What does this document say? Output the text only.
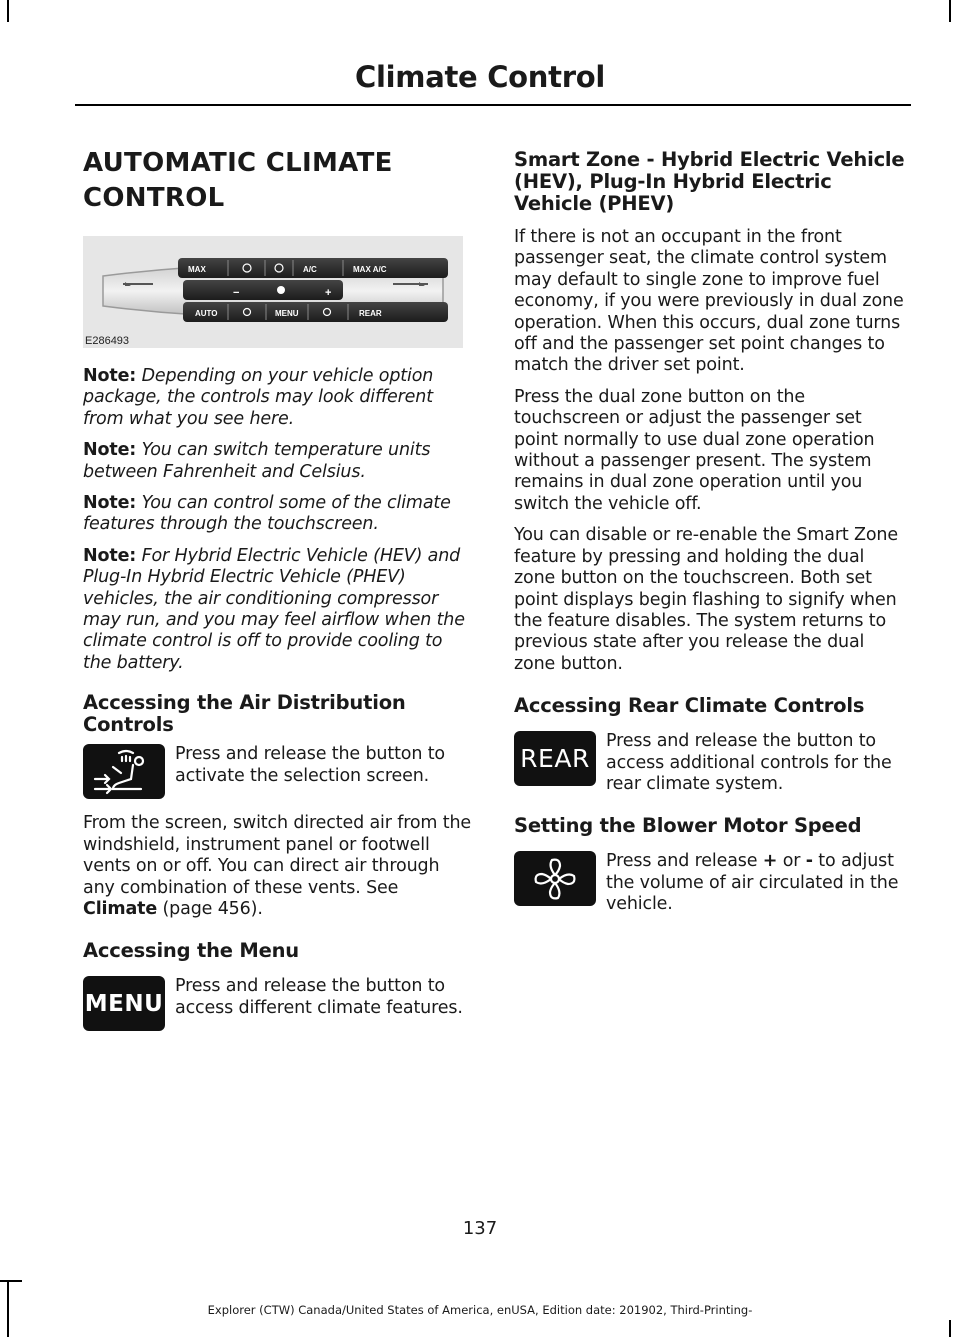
Climate Control
AUTOMATIC CLIMATE
CONTROL
MAX	A/C	MAX A/C
−	+
AUTO	MENU	REAR
E286493

Note: Depending on your vehicle option package, the controls may look different from what you see here.

Note: You can switch temperature units between Fahrenheit and Celsius.

Note: You can control some of the climate features through the touchscreen.

Note: For Hybrid Electric Vehicle (HEV) and Plug-In Hybrid Electric Vehicle (PHEV) vehicles, the air conditioning compressor may run, and you may feel airflow when the climate control is off to provide cooling to the battery.

Accessing the Air Distribution Controls

Press and release the button to activate the selection screen.

From the screen, switch directed air from the windshield, instrument panel or footwell vents on or off. You can direct air through any combination of these vents. See Climate (page 456).

Accessing the Menu
MENU

Press and release the button to access different climate features.

Smart Zone - Hybrid Electric Vehicle (HEV), Plug-In Hybrid Electric Vehicle (PHEV)

If there is not an occupant in the front passenger seat, the climate control system may default to single zone to improve fuel economy, if you were previously in dual zone operation. When this occurs, dual zone turns off and the passenger set point changes to match the driver set point.

Press the dual zone button on the touchscreen or adjust the passenger set point normally to use dual zone operation without a passenger present. The system remains in dual zone operation until you switch the vehicle off.

You can disable or re-enable the Smart Zone feature by pressing and holding the dual zone button on the touchscreen. Both set point displays begin flashing to signify when the feature disables. The system returns to previous state after you release the dual zone button.

Accessing Rear Climate Controls
REAR

Press and release the button to access additional controls for the rear climate system.

Setting the Blower Motor Speed

Press and release + or - to adjust the volume of air circulated in the vehicle.

137
Explorer (CTW) Canada/United States of America, enUSA, Edition date: 201902, Third-Printing-
